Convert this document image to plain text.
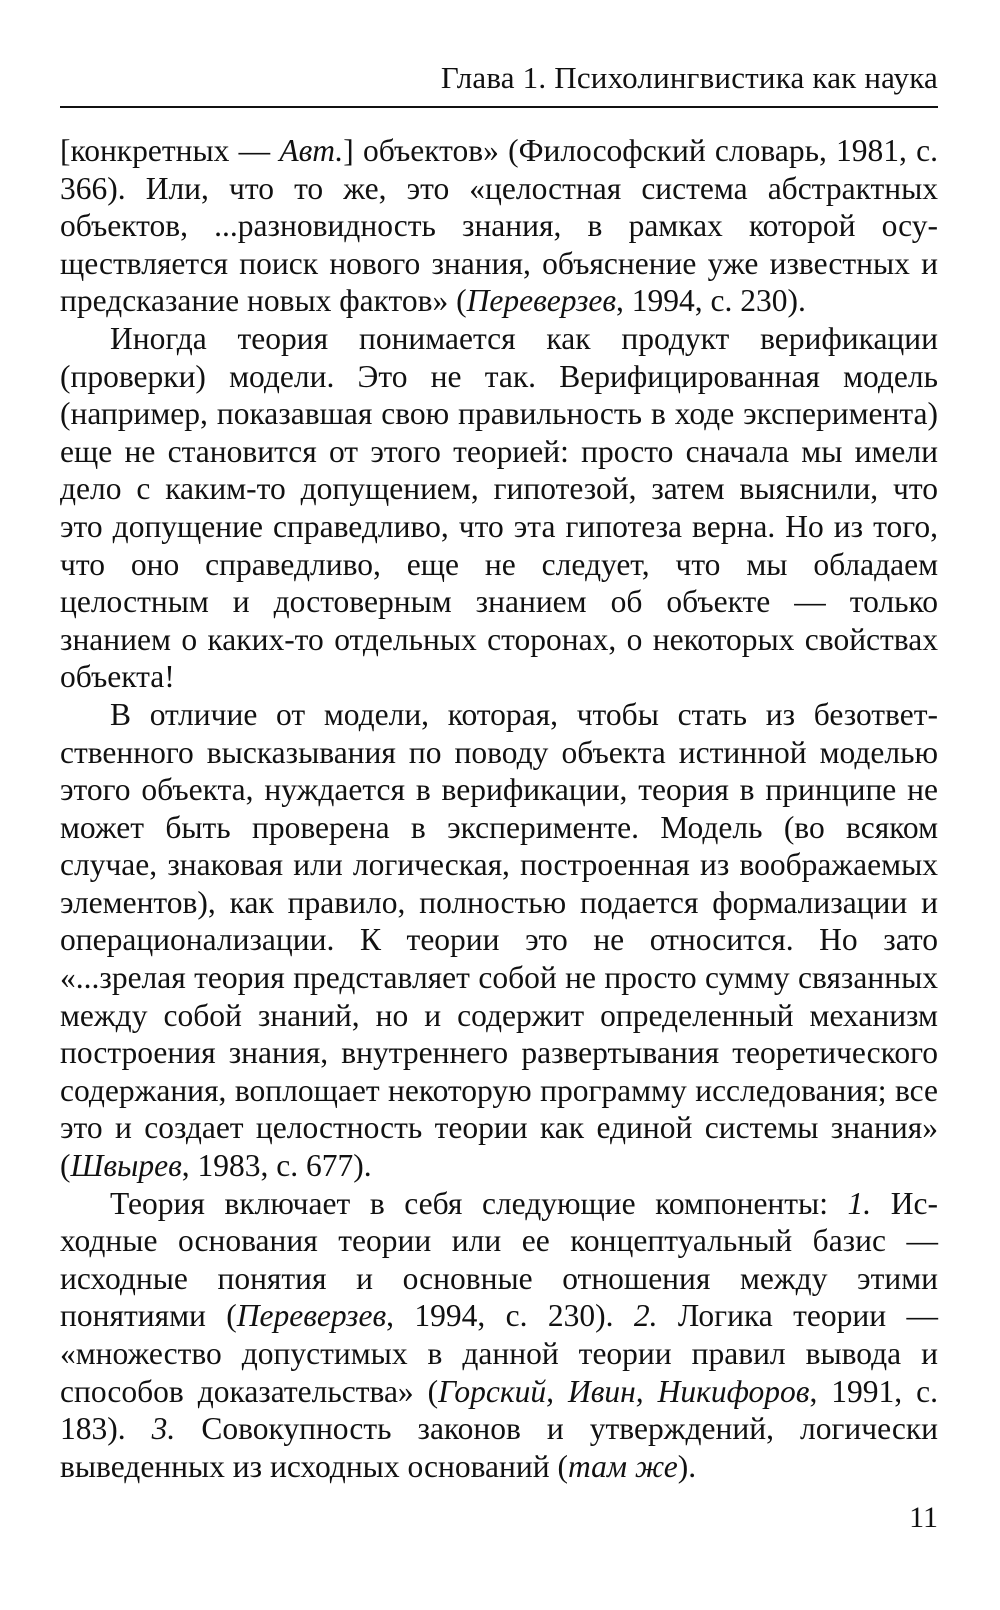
Глава 1. Психолингвистика как наука

[конкретных — Авт.] объектов» (Философский словарь, 1981, с. 366). Или, что то же, это «целостная система абстрактных объектов, ...разновидность знания, в рамках которой осуществляется поиск нового знания, объяснение уже известных и предсказание новых фактов» (Переверзев, 1994, с. 230).

Иногда теория понимается как продукт верификации (проверки) модели. Это не так. Верифицированная модель (например, показавшая свою правильность в ходе эксперимента) еще не становится от этого теорией: просто сначала мы имели дело с каким-то допущением, гипотезой, затем выяснили, что это допущение справедливо, что эта гипотеза верна. Но из того, что оно справедливо, еще не следует, что мы обладаем целостным и достоверным знанием об объекте — только знанием о каких-то отдельных сторонах, о некоторых свойствах объекта!

В отличие от модели, которая, чтобы стать из безответственного высказывания по поводу объекта истинной моделью этого объекта, нуждается в верификации, теория в принципе не может быть проверена в эксперименте. Модель (во всяком случае, знаковая или логическая, построенная из воображаемых элементов), как правило, полностью подается формализации и операционализации. К теории это не относится. Но зато «...зрелая теория представляет собой не просто сумму связанных между собой знаний, но и содержит определенный механизм построения знания, внутреннего развертывания теоретического содержания, воплощает некоторую программу исследования; все это и создает целостность теории как единой системы знания» (Швырев, 1983, с. 677).

Теория включает в себя следующие компоненты: 1. Исходные основания теории или ее концептуальный базис — исходные понятия и основные отношения между этими понятиями (Переверзев, 1994, с. 230). 2. Логика теории — «множество допустимых в данной теории правил вывода и способов доказательства» (Горский, Ивин, Никифоров, 1991, с. 183). 3. Совокупность законов и утверждений, логически выведенных из исходных оснований (там же).

11
